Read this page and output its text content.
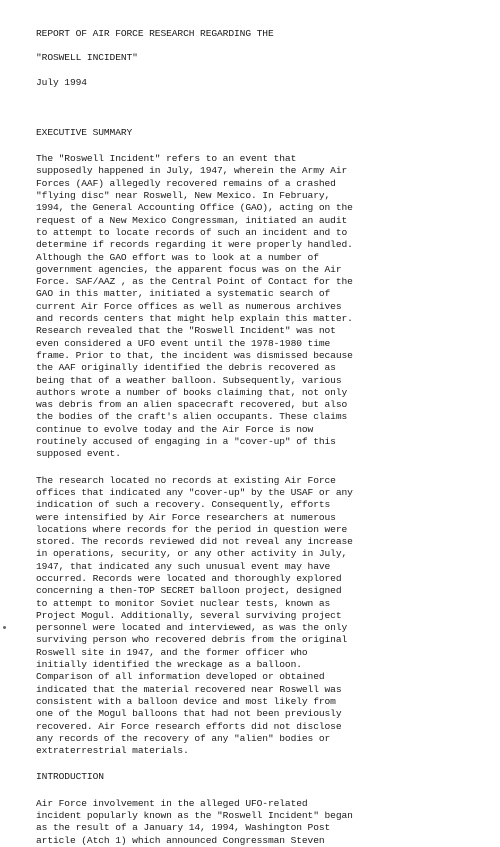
REPORT OF AIR FORCE RESEARCH REGARDING THE
"ROSWELL INCIDENT"
July 1994
EXECUTIVE SUMMARY
The "Roswell Incident" refers to an event that
supposedly happened in July, 1947, wherein the Army Air
Forces (AAF) allegedly recovered remains of a crashed
"flying disc" near Roswell, New Mexico. In February,
1994, the General Accounting Office (GAO), acting on the
request of a New Mexico Congressman, initiated an audit
to attempt to locate records of such an incident and to
determine if records regarding it were properly handled.
Although the GAO effort was to look at a number of
government agencies, the apparent focus was on the Air
Force. SAF/AAZ , as the Central Point of Contact for the
GAO in this matter, initiated a systematic search of
current Air Force offices as well as numerous archives
and records centers that might help explain this matter.
Research revealed that the "Roswell Incident" was not
even considered a UFO event until the 1978-1980 time
frame. Prior to that, the incident was dismissed because
the AAF originally identified the debris recovered as
being that of a weather balloon. Subsequently, various
authors wrote a number of books claiming that, not only
was debris from an alien spacecraft recovered, but also
the bodies of the craft's alien occupants. These claims
continue to evolve today and the Air Force is now
routinely accused of engaging in a "cover-up" of this
supposed event.
The research located no records at existing Air Force
offices that indicated any "cover-up" by the USAF or any
indication of such a recovery. Consequently, efforts
were intensified by Air Force researchers at numerous
locations where records for the period in question were
stored. The records reviewed did not reveal any increase
in operations, security, or any other activity in July,
1947, that indicated any such unusual event may have
occurred. Records were located and thoroughly explored
concerning a then-TOP SECRET balloon project, designed
to attempt to monitor Soviet nuclear tests, known as
Project Mogul. Additionally, several surviving project
personnel were located and interviewed, as was the only
surviving person who recovered debris from the original
Roswell site in 1947, and the former officer who
initially identified the wreckage as a balloon.
Comparison of all information developed or obtained
indicated that the material recovered near Roswell was
consistent with a balloon device and most likely from
one of the Mogul balloons that had not been previously
recovered. Air Force research efforts did not disclose
any records of the recovery of any "alien" bodies or
extraterrestrial materials.
INTRODUCTION
Air Force involvement in the alleged UFO-related
incident popularly known as the "Roswell Incident" began
as the result of a January 14, 1994, Washington Post
article (Atch 1) which announced Congressman Steven
